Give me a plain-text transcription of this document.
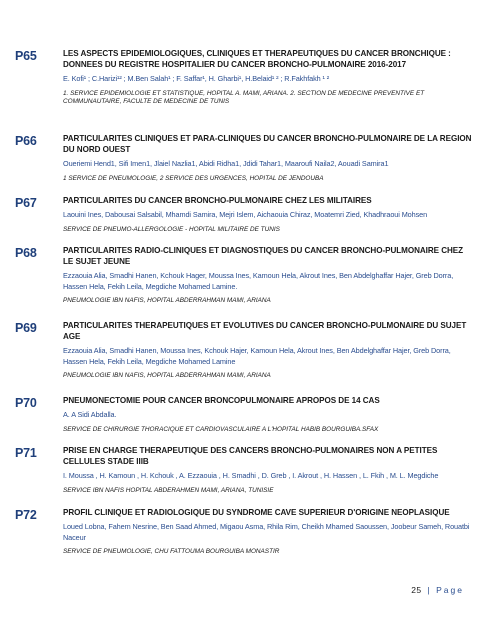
P65	LES ASPECTS EPIDEMIOLOGIQUES, CLINIQUES ET THERAPEUTIQUES DU CANCER BRONCHIQUE : DONNEES DU REGISTRE HOSPITALIER DU CANCER BRONCHO-PULMONAIRE 2016-2017

E. Kofi¹ ; C.Harizi¹² ; M.Ben Salah¹ ; F. Saffar¹, H. Gharbi¹, H.Belaid¹ ² ; R.Fakhfakh ¹ ²

1. SERVICE EPIDEMIOLOGIE ET STATISTIQUE, HOPITAL A. MAMI, ARIANA. 2. SECTION DE MEDECINE PREVENTIVE ET COMMUNAUTAIRE, FACULTE DE MEDECINE DE TUNIS

P66	PARTICULARITES CLINIQUES ET PARA-CLINIQUES DU CANCER BRONCHO-PULMONAIRE DE LA REGION DU NORD OUEST

Oueriemi Hend1, Sifi Imen1, Jlaiel Nazlia1, Abidi Ridha1, Jdidi Tahar1, Maaroufi Naila2, Aouadi Samira1

1 SERVICE DE PNEUMOLOGIE, 2 SERVICE DES URGENCES, HOPITAL DE JENDOUBA

P67	PARTICULARITES DU CANCER BRONCHO-PULMONAIRE CHEZ LES MILITAIRES

Laouini Ines, Dabousai Salsabil, Mhamdi Samira, Mejri Islem, Aichaouia Chiraz, Moatemri Zied, Khadhraoui Mohsen

SERVICE DE PNEUMO-ALLERGOLOGIE - HOPITAL MILITAIRE DE TUNIS

P68	PARTICULARITES RADIO-CLINIQUES ET DIAGNOSTIQUES DU CANCER BRONCHO-PULMONAIRE CHEZ LE SUJET JEUNE

Ezzaouia Alia, Smadhi Hanen, Kchouk Hager, Moussa Ines, Kamoun Hela, Akrout Ines, Ben Abdelghaffar Hajer, Greb Dorra, Hassen Hela, Fekih Leila, Megdiche Mohamed Lamine.

PNEUMOLOGIE IBN NAFIS, HOPITAL ABDERRAHMAN MAMI, ARIANA

P69	PARTICULARITES THERAPEUTIQUES ET EVOLUTIVES DU CANCER BRONCHO-PULMONAIRE DU SUJET AGE

Ezzaouia Alia, Smadhi Hanen, Moussa Ines, Kchouk Hajer, Kamoun Hela, Akrout Ines, Ben Abdelghaffar Hajer, Greb Dorra, Hassen Hela, Fekih Leila, Megdiche Mohamed Lamine

PNEUMOLOGIE IBN NAFIS, HOPITAL ABDERRAHMAN MAMI, ARIANA

P70	PNEUMONECTOMIE POUR CANCER BRONCOPULMONAIRE APROPOS DE 14 CAS

A. A Sidi Abdalla.

SERVICE DE CHIRURGIE THORACIQUE ET CARDIOVASCULAIRE A L'HOPITAL HABIB BOURGUIBA.SFAX

P71	PRISE EN CHARGE THERAPEUTIQUE DES CANCERS BRONCHO-PULMONAIRES NON A PETITES CELLULES STADE IIIB

I. Moussa , H. Kamoun , H. Kchouk , A. Ezzaouia , H. Smadhi , D. Greb , I. Akrout , H. Hassen , L. Fkih , M. L. Megdiche

SERVICE IBN NAFIS HOPITAL ABDERAHMEN MAMI, ARIANA, TUNISIE

P72	PROFIL CLINIQUE ET RADIOLOGIQUE DU SYNDROME CAVE SUPERIEUR D'ORIGINE NEOPLASIQUE

Loued Lobna, Fahem Nesrine, Ben Saad Ahmed, Migaou Asma, Rhila Rim, Cheikh Mhamed Saoussen, Joobeur Sameh, Rouatbi Naceur

SERVICE DE PNEUMOLOGIE, CHU FATTOUMA BOURGUIBA MONASTIR

25 | Page
